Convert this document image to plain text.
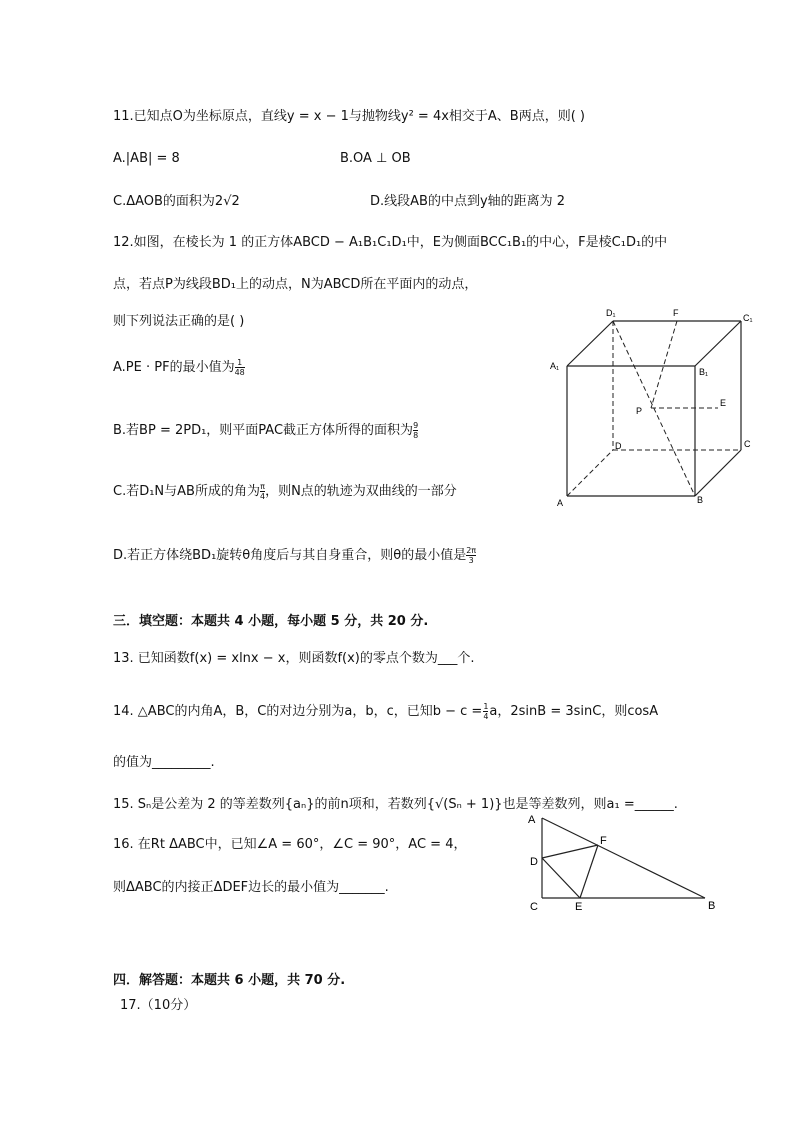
11.已知点O为坐标原点，直线y = x − 1与抛物线y² = 4x相交于A、B两点，则( )
A.|AB| = 8	B.OA ⊥ OB
C.ΔAOB的面积为2√2	D.线段AB的中点到y轴的距离为 2
12.如图，在棱长为 1 的正方体ABCD − A₁B₁C₁D₁中，E为侧面BCC₁B₁的中心，F是棱C₁D₁的中
点，若点P为线段BD₁上的动点，N为ABCD所在平面内的动点，
则下列说法正确的是( )
A.PE · PF的最小值为 $\frac{1}{48}$
B.若BP = 2PD₁，则平面PAC截正方体所得的面积为 $\frac{9}{8}$
C.若D₁N与AB所成的角为 $\frac{\pi}{4}$ ，则N点的轨迹为双曲线的一部分
D.若正方体绕BD₁旋转θ角度后与其自身重合，则θ的最小值是 $\frac{2\pi}{3}$
D₁	F	C₁
A₁
B₁
P
E
D	C
A	B
三．填空题：本题共 4 小题，每小题 5 分，共 20 分.
13. 已知函数f(x) = xlnx − x，则函数f(x)的零点个数为___个.
14. △ABC的内角A，B，C的对边分别为a，b，c，已知$b - c = \frac{1}{4}$ a，2sinB = 3sinC，则cosA
的值为_________.
15. Sₙ是公差为 2 的等差数列{aₙ}的前n项和，若数列{√(Sₙ + 1)}也是等差数列，则a₁ =______.
16. 在Rt ΔABC中，已知∠A = 60°，∠C = 90°，AC = 4，
则ΔABC的内接正ΔDEF边长的最小值为_______.
A
F
D
C	E	B
四．解答题：本题共 6 小题，共 70 分.
17.（10分）
